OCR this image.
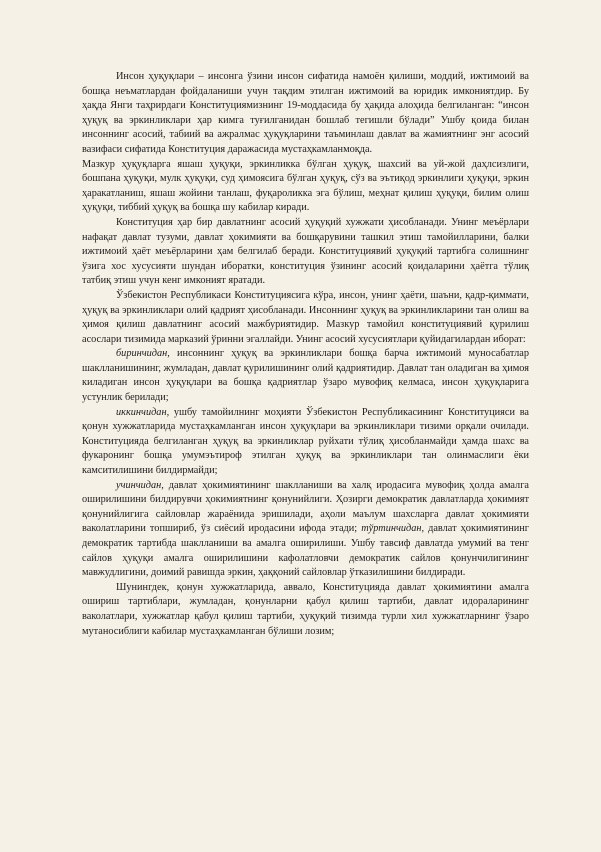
Инсон ҳуқуқлари – инсонга ўзини инсон сифатида намоён қилиши, моддий, ижтимоий ва бошқа неъматлардан фойдаланиши учун тақдим этилган ижтимоий ва юридик имкониятдир. Бу ҳақда Янги таҳрирдаги Конституциямизнинг 19-моддасида бу ҳақида алоҳида белгиланган: “инсон ҳуқуқ ва эркинликлари ҳар кимга туғилганидан бошлаб тегишли бўлади” Ушбу қоида билан инсоннинг асосий, табиий ва ажралмас ҳуқуқларини таъминлаш давлат ва жамиятнинг энг асосий вазифаси сифатида Конституция даражасида мустаҳкамланмоқда.

Мазкур ҳуқуқларга яшаш ҳуқуқи, эркинликка бўлган ҳуқуқ, шахсий ва уй-жой даҳлсизлиги, бошпана ҳуқуқи, мулк ҳуқуқи, суд ҳимоясига бўлган ҳуқуқ, сўз ва эътиқод эркинлиги ҳуқуқи, эркин ҳаракатланиш, яшаш жойини танлаш, фуқароликка эга бўлиш, меҳнат қилиш ҳуқуқи, билим олиш ҳуқуқи, тиббий ҳуқуқ ва бошқа шу кабилар киради.

Конституция ҳар бир давлатнинг асосий ҳуқуқий хужжати ҳисобланади. Унинг меъёрлари нафақат давлат тузуми, давлат ҳокимияти ва бошқарувини ташкил этиш тамойилларини, балки ижтимоий ҳаёт меъёрларини ҳам белгилаб беради. Конституциявий ҳуқуқий тартибга солишнинг ўзига хос хусусияти шундан иборатки, конституция ўзининг асосий қоидаларини ҳаётга тўлиқ татбиқ этиш учун кенг имконият яратади.

Ўзбекистон Республикаси Конституциясига кўра, инсон, унинг ҳаёти, шаъни, қадр-қиммати, ҳуқуқ ва эркинликлари олий қадрият ҳисобланади. Инсоннинг ҳуқуқ ва эркинликларини тан олиш ва ҳимоя қилиш давлатнинг асосий мажбуриятидир. Мазкур тамойил конституциявий қурилиш асослари тизимида марказий ўринни эгаллайди. Унинг асосий хусусиятлари қуйидагилардан иборат:

биринчидан, инсоннинг ҳуқуқ ва эркинликлари бошқа барча ижтимоий муносабатлар шаклланишининг, жумладан, давлат қурилишининг олий қадриятидир. Давлат тан оладиган ва ҳимоя киладиган инсон ҳуқуқлари ва бошқа қадриятлар ўзаро мувофиқ келмаса, инсон ҳуқуқларига устунлик берилади;

иккинчидан, ушбу тамойилнинг моҳияти Ўзбекистон Республикасининг Конституцияси ва қонун хужжатларида мустаҳкамланган инсон ҳуқуқлари ва эркинликлари тизими орқали очилади. Конституцияда белгиланган ҳуқуқ ва эркинликлар руйхати тўлиқ ҳисобланмайди ҳамда шахс ва фукаронинг бошқа умумэътироф этилган ҳуқуқ ва эркинликлари тан олинмаслиги ёки камситилишини билдирмайди;

учинчидан, давлат ҳокимиятининг шаклланиши ва халқ иродасига мувофиқ ҳолда амалга оширилишини билдирувчи ҳокимиятнинг қонунийлиги. Ҳозирги демократик давлатларда ҳокимият қонунийлигига сайловлар жараёнида эришилади, аҳоли маълум шахсларга давлат ҳокимияти ваколатларини топшириб, ўз сиёсий иродасини ифода этади; тўртинчидан, давлат ҳокимиятининг демократик тартибда шаклланиши ва амалга оширилиши. Ушбу тавсиф давлатда умумий ва тенг сайлов ҳуқуқи амалга оширилишини кафолатловчи демократик сайлов қонунчилигининг мавжудлигини, доимий равишда эркин, ҳаққоний сайловлар ўтказилишини билдиради.

Шунингдек, қонун хужжатларида, аввало, Конституцияда давлат ҳокимиятини амалга ошириш тартиблари, жумладан, қонунларни қабул қилиш тартиби, давлат идораларининг ваколатлари, хужжатлар қабул қилиш тартиби, ҳуқуқий тизимда турли хил хужжатларнинг ўзаро мутаносиблиги кабилар мустаҳкамланган бўлиши лозим;
